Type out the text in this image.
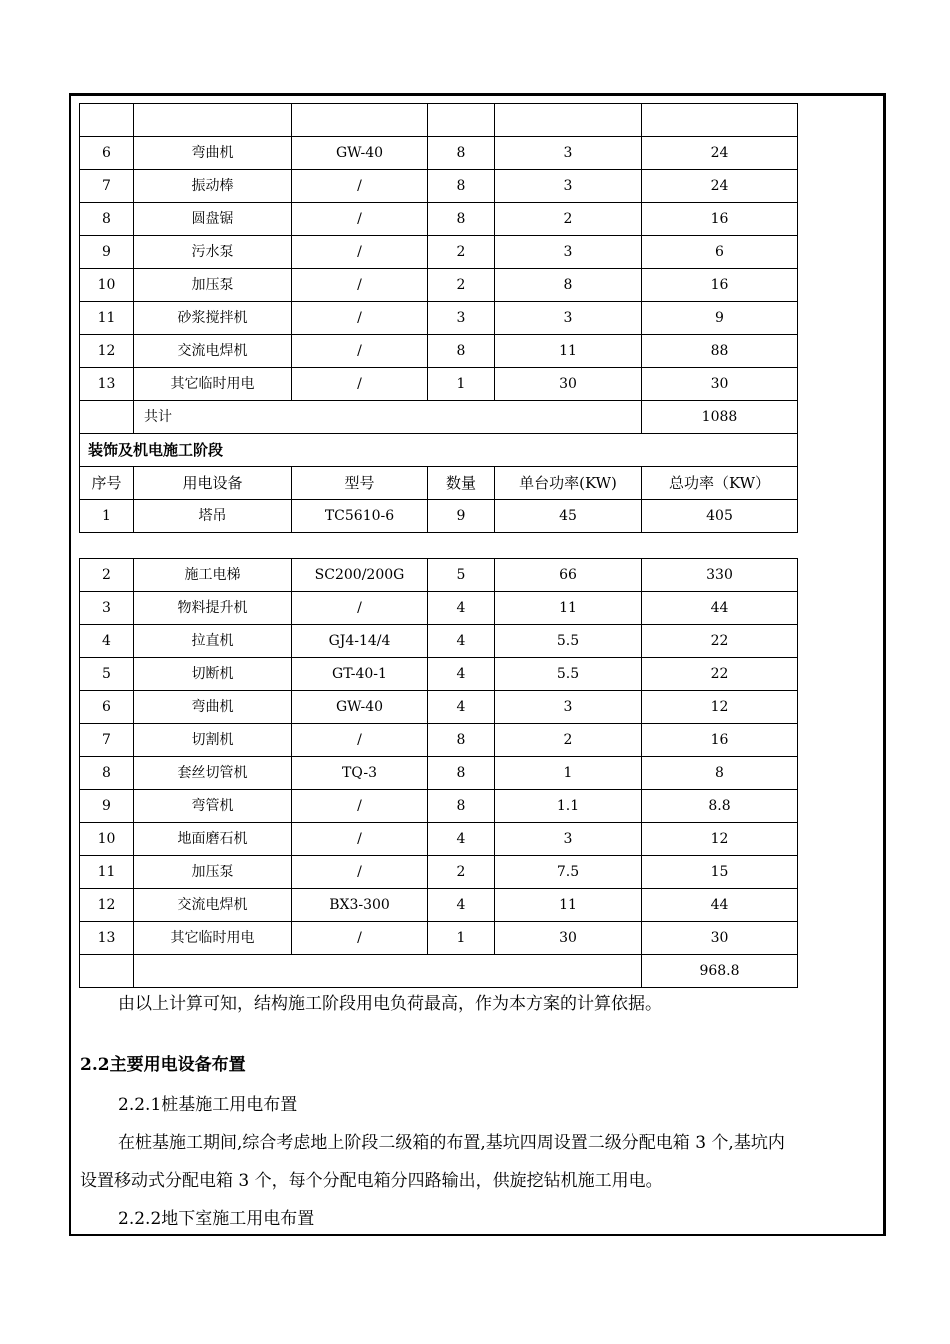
6	弯曲机	GW-40	8	3	24
7	振动棒	/	8	3	24
8	圆盘锯	/	8	2	16
9	污水泵	/	2	3	6
10	加压泵	/	2	8	16
11	砂浆搅拌机	/	3	3	9
12	交流电焊机	/	8	11	88
13	其它临时用电	/	1	30	30
	共计				1088
装饰及机电施工阶段					
序号	用电设备	型号	数量	单台功率(KW)	总功率（KW）
1	塔吊	TC5610-6	9	45	405
2	施工电梯	SC200/200G	5	66	330
3	物料提升机	/	4	11	44
4	拉直机	GJ4-14/4	4	5.5	22
5	切断机	GT-40-1	4	5.5	22
6	弯曲机	GW-40	4	3	12
7	切割机	/	8	2	16
8	套丝切管机	TQ-3	8	1	8
9	弯管机	/	8	1.1	8.8
10	地面磨石机	/	4	3	12
11	加压泵	/	2	7.5	15
12	交流电焊机	BX3-300	4	11	44
13	其它临时用电	/	1	30	30
					968.8
由以上计算可知，结构施工阶段用电负荷最高，作为本方案的计算依据。
2.2主要用电设备布置
2.2.1桩基施工用电布置
在桩基施工期间,综合考虑地上阶段二级箱的布置,基坑四周设置二级分配电箱 3 个,基坑内
设置移动式分配电箱 3 个，每个分配电箱分四路输出，供旋挖钻机施工用电。
2.2.2地下室施工用电布置
